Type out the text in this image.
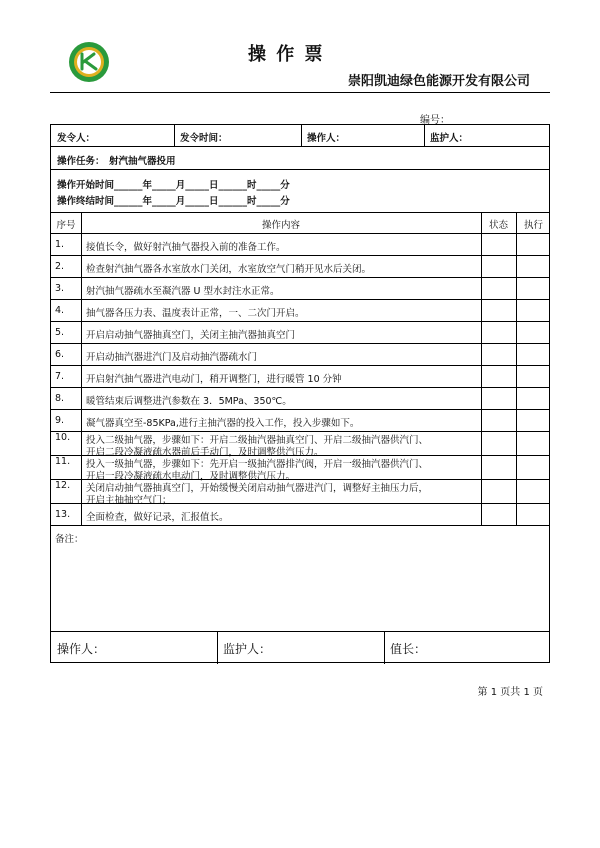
操 作 票
崇阳凯迪绿色能源开发有限公司
编号：
发令人：	发令时间：	操作人：	监护人：
操作任务： 射汽抽气器投用
操作开始时间______年_____月_____日______时_____分
操作终结时间______年_____月_____日______时_____分
序号	操作内容	状态	执行
1. 接值长令，做好射汽抽气器投入前的准备工作。
2. 检查射汽抽气器各水室放水门关闭，水室放空气门稍开见水后关闭。
3. 射汽抽气器疏水至凝汽器 U 型水封注水正常。
4. 抽气器各压力表、温度表计正常，一、二次门开启。
5. 开启启动抽气器抽真空门，关闭主抽汽器抽真空门
6. 开启动抽汽器进汽门及启动抽汽器疏水门
7. 开启射汽抽气器进汽电动门，稍开调整门，进行暖管 10 分钟
8. 暖管结束后调整进汽参数在 3．5MPa、350℃。
9. 凝气器真空至-85KPa,进行主抽汽器的投入工作，投入步骤如下。
10. 投入二级抽气器，步骤如下：开启二级抽汽器抽真空门、开启二级抽汽器供汽门、
开启二段冷凝液疏水器前后手动门，及时调整供汽压力。
11. 投入一级抽气器，步骤如下：先开启一级抽汽器排汽阀，开启一级抽汽器供汽门、
开启一段冷凝液疏水电动门，及时调整供汽压力。
12. 关闭启动抽气器抽真空门，开始缓慢关闭启动抽气器进汽门，调整好主抽压力后，
开启主抽抽空气门；
13. 全面检查，做好记录，汇报值长。
备注：
操作人：	监护人：	值长：
第 1 页共 1 页
